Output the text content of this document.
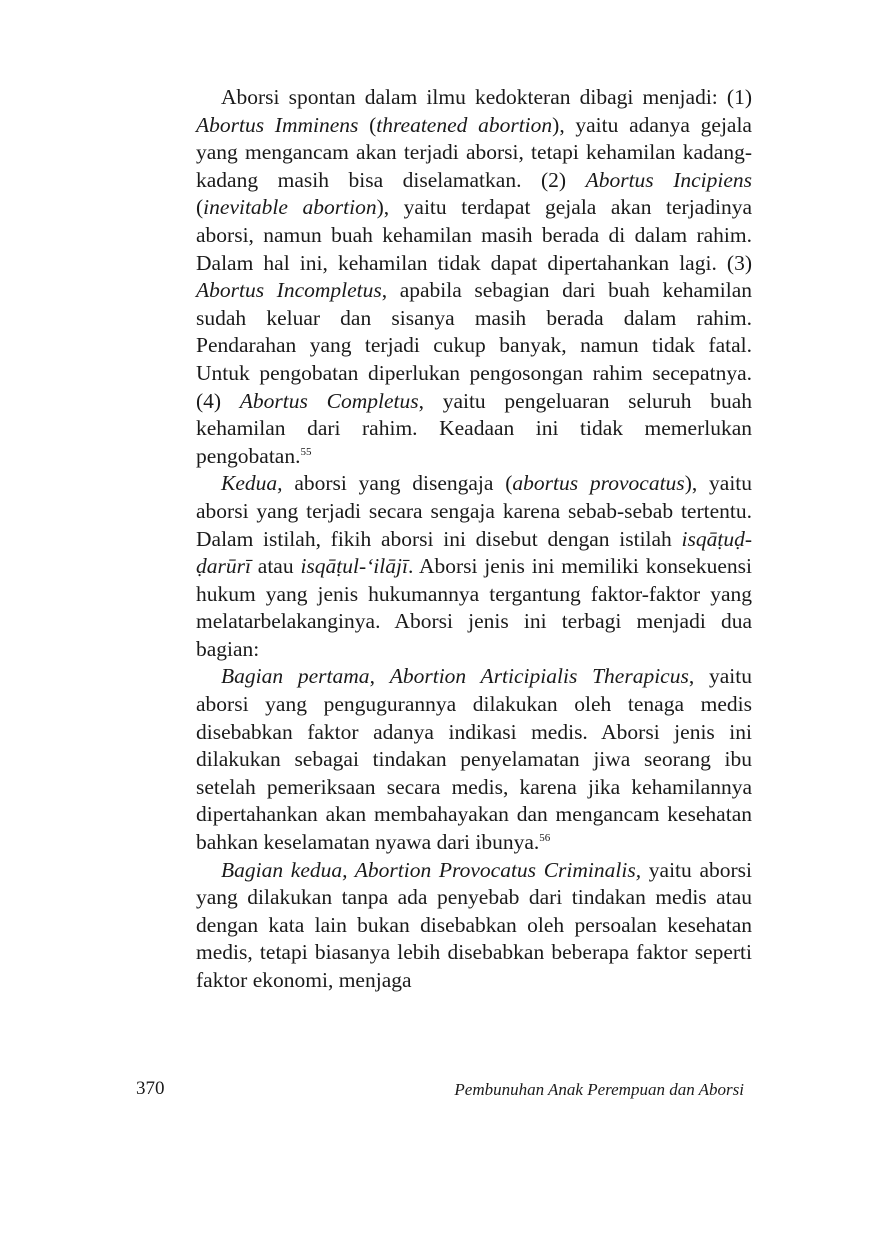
Aborsi spontan dalam ilmu kedokteran dibagi menjadi: (1) Abortus Imminens (threatened abortion), yaitu adanya gejala yang mengancam akan terjadi aborsi, tetapi kehamilan kadang-kadang masih bisa diselamatkan. (2) Abortus Incipiens (inevitable abortion), yaitu terdapat gejala akan terjadinya aborsi, namun buah kehamilan masih berada di dalam rahim. Dalam hal ini, kehamilan tidak dapat dipertahankan lagi. (3) Abortus Incompletus, apabila sebagian dari buah kehamilan sudah keluar dan sisanya masih berada dalam rahim. Pendarahan yang terjadi cukup banyak, namun tidak fatal. Untuk pengobatan diperlukan pengosongan rahim secepatnya. (4) Abortus Completus, yaitu pengeluaran seluruh buah kehamilan dari rahim. Keadaan ini tidak memerlukan pengobatan.$^{55}$

Kedua, aborsi yang disengaja (abortus provocatus), yaitu aborsi yang terjadi secara sengaja karena sebab-sebab tertentu. Dalam istilah, fikih aborsi ini disebut dengan istilah isqāṭuḍ-ḍarūrī atau isqāṭul-‘ilājī. Aborsi jenis ini memiliki konsekuensi hukum yang jenis hukumannya tergantung faktor-faktor yang melatarbelakanginya. Aborsi jenis ini terbagi menjadi dua bagian:

Bagian pertama, Abortion Articipialis Therapicus, yaitu aborsi yang pengugurannya dilakukan oleh tenaga medis disebabkan faktor adanya indikasi medis. Aborsi jenis ini dilakukan sebagai tindakan penyelamatan jiwa seorang ibu setelah pemeriksaan secara medis, karena jika kehamilannya dipertahankan akan membahayakan dan mengancam kesehatan bahkan keselamatan nyawa dari ibunya.$^{56}$

Bagian kedua, Abortion Provocatus Criminalis, yaitu aborsi yang dilakukan tanpa ada penyebab dari tindakan medis atau dengan kata lain bukan disebabkan oleh persoalan kesehatan medis, tetapi biasanya lebih disebabkan beberapa faktor seperti faktor ekonomi, menjaga

370	Pembunuhan Anak Perempuan dan Aborsi
